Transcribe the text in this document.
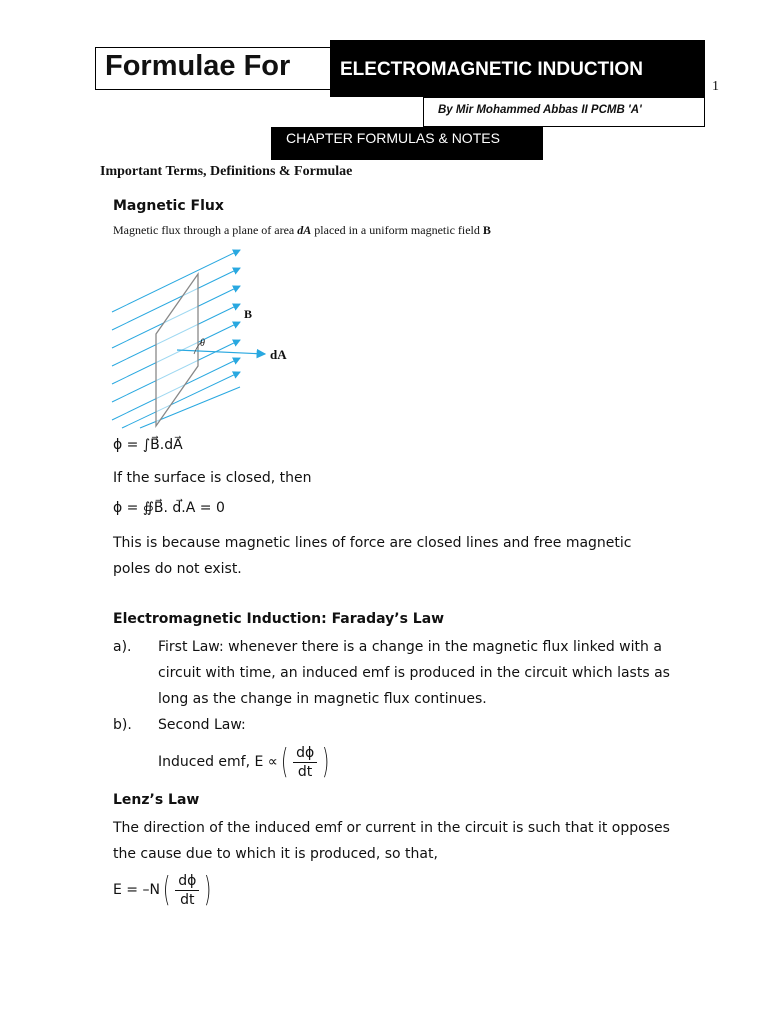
Formulae For	ELECTROMAGNETIC INDUCTION
By Mir Mohammed Abbas II PCMB 'A'
1
CHAPTER FORMULAS & NOTES
Important Terms, Definitions & Formulae
Magnetic Flux
Magnetic flux through a plane of area dA placed in a uniform magnetic field B
B
θ
dA
ϕ = ∫B⃗.dA⃗
If the surface is closed, then
ϕ = ∯B⃗. d⃗.A = 0
This is because magnetic lines of force are closed lines and free magnetic poles do not exist.
Electromagnetic Induction: Faraday’s Law
a). First Law: whenever there is a change in the magnetic flux linked with a circuit with time, an induced emf is produced in the circuit which lasts as long as the change in magnetic flux continues.
b). Second Law:
Induced emf, E ∝ ( $\frac{d\phi}{dt}$ )
Lenz’s Law
The direction of the induced emf or current in the circuit is such that it opposes the cause due to which it is produced, so that,
E = –N ( $\frac{d\phi}{dt}$ )
